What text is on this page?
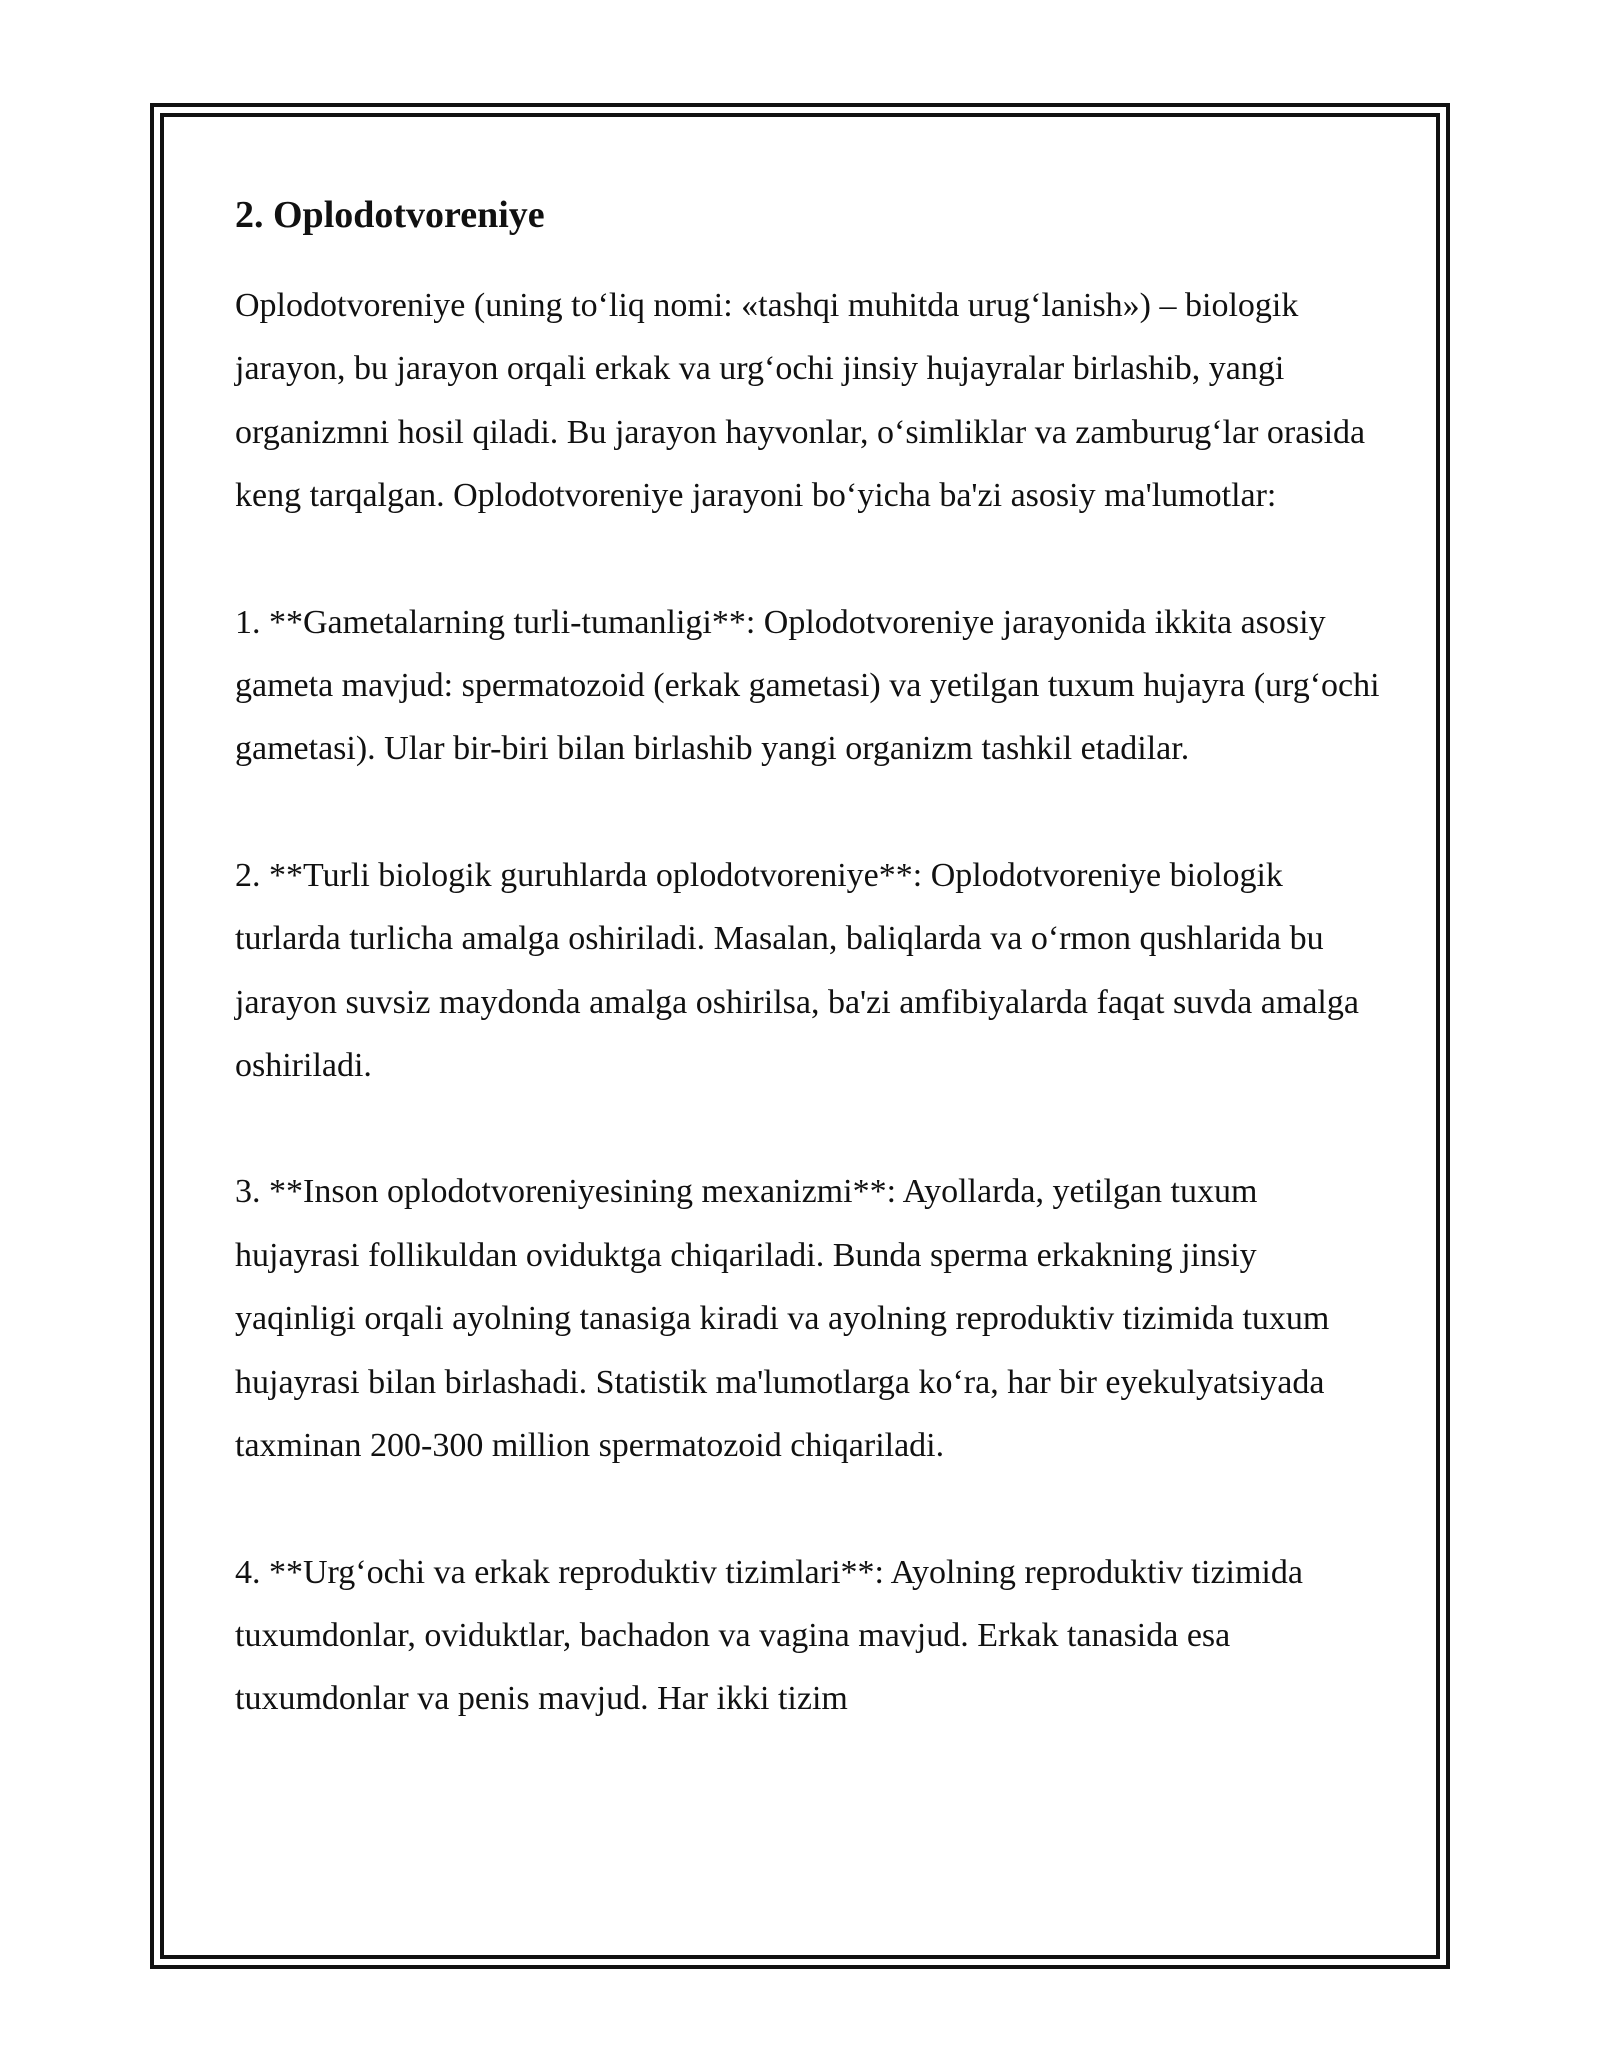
2. Oplodotvoreniye

Oplodotvoreniye (uning to‘liq nomi: «tashqi muhitda urug‘lanish») – biologik jarayon, bu jarayon orqali erkak va urg‘ochi jinsiy hujayralar birlashib, yangi organizmni hosil qiladi. Bu jarayon hayvonlar, o‘simliklar va zamburug‘lar orasida keng tarqalgan. Oplodotvoreniye jarayoni bo‘yicha ba'zi asosiy ma'lumotlar:

1. **Gametalarning turli-tumanligi**: Oplodotvoreniye jarayonida ikkita asosiy gameta mavjud: spermatozoid (erkak gametasi) va yetilgan tuxum hujayra (urg‘ochi gametasi). Ular bir-biri bilan birlashib yangi organizm tashkil etadilar.

2. **Turli biologik guruhlarda oplodotvoreniye**: Oplodotvoreniye biologik turlarda turlicha amalga oshiriladi. Masalan, baliqlarda va o‘rmon qushlarida bu jarayon suvsiz maydonda amalga oshirilsa, ba'zi amfibiyalarda faqat suvda amalga oshiriladi.

3. **Inson oplodotvoreniyesining mexanizmi**: Ayollarda, yetilgan tuxum hujayrasi follikuldan oviduktga chiqariladi. Bunda sperma erkakning jinsiy yaqinligi orqali ayolning tanasiga kiradi va ayolning reproduktiv tizimida tuxum hujayrasi bilan birlashadi. Statistik ma'lumotlarga ko‘ra, har bir eyekulyatsiyada taxminan 200-300 million spermatozoid chiqariladi.

4. **Urg‘ochi va erkak reproduktiv tizimlari**: Ayolning reproduktiv tizimida tuxumdonlar, oviduktlar, bachadon va vagina mavjud. Erkak tanasida esa tuxumdonlar va penis mavjud. Har ikki tizim
